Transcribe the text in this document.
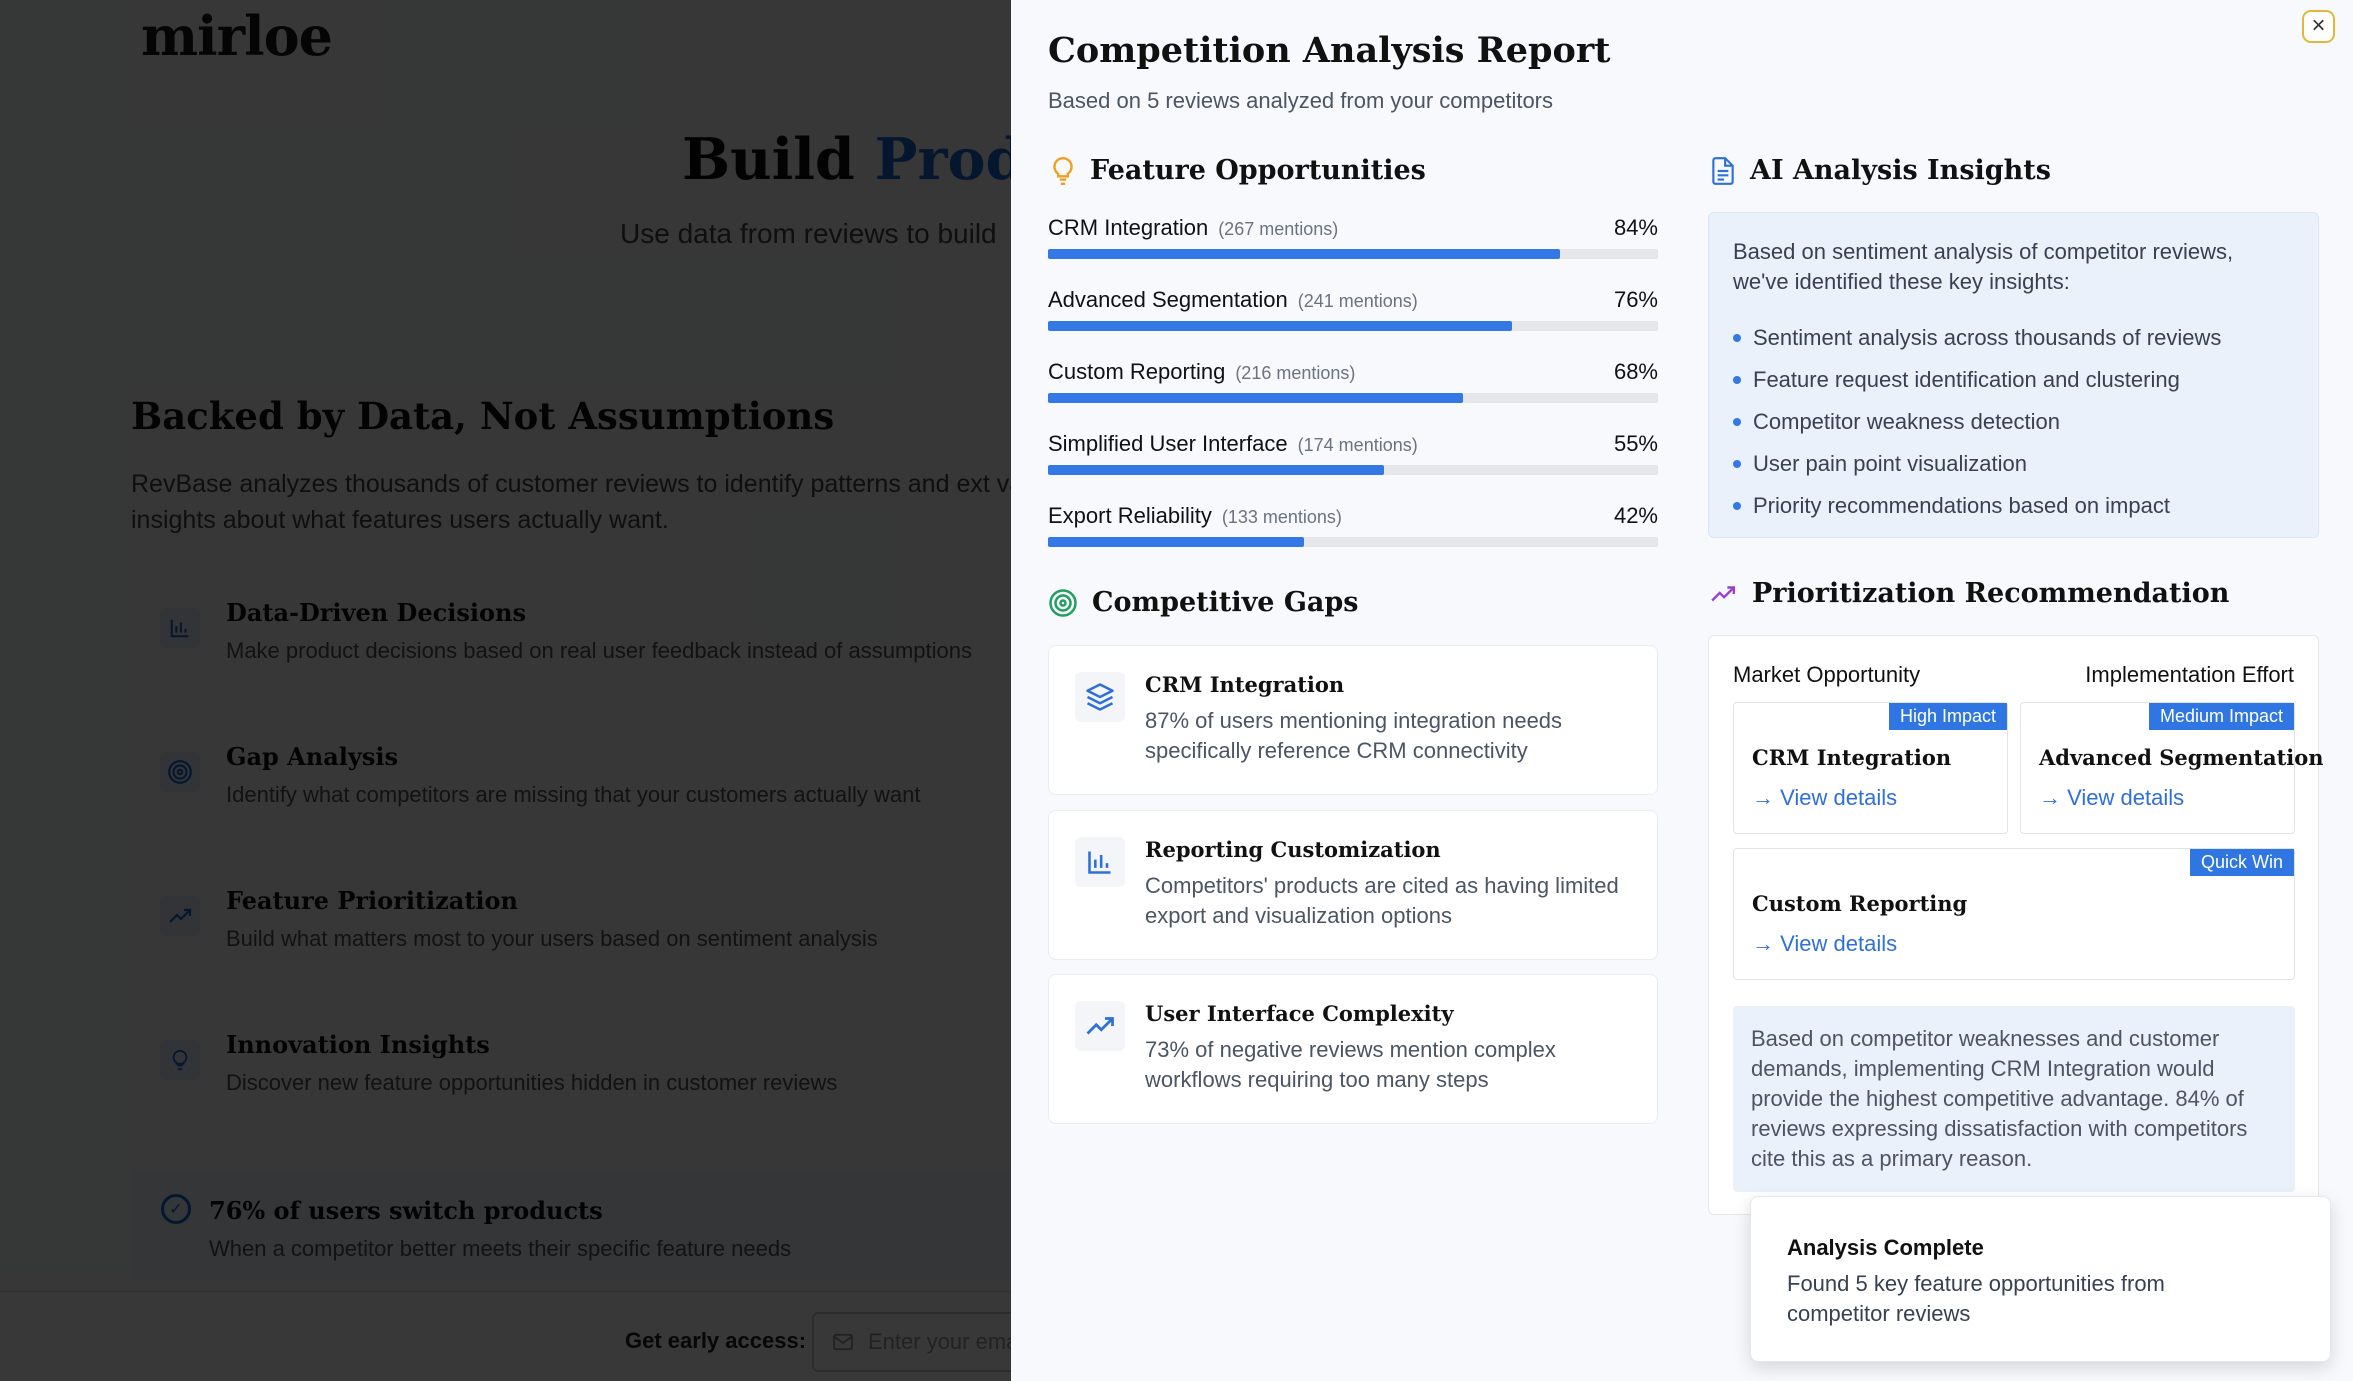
×
Competition Analysis Report
Based on 5 reviews analyzed from your competitors
Feature Opportunities
CRM Integration (267 mentions)	84%
Advanced Segmentation (241 mentions)	76%
Custom Reporting (216 mentions)	68%
Simplified User Interface (174 mentions)	55%
Export Reliability (133 mentions)	42%
Competitive Gaps
CRM Integration
87% of users mentioning integration needs specifically reference CRM connectivity
Reporting Customization
Competitors' products are cited as having limited export and visualization options
User Interface Complexity
73% of negative reviews mention complex workflows requiring too many steps
AI Analysis Insights
Based on sentiment analysis of competitor reviews, we've identified these key insights:
Sentiment analysis across thousands of reviews
Feature request identification and clustering
Competitor weakness detection
User pain point visualization
Priority recommendations based on impact
Prioritization Recommendation
Market Opportunity	Implementation Effort
High Impact
CRM Integration
→ View details
Medium Impact
Advanced Segmentation
→ View details
Quick Win
Custom Reporting
→ View details
Based on competitor weaknesses and customer demands, implementing CRM Integration would provide the highest competitive advantage. 84% of reviews expressing dissatisfaction with competitors cite this as a primary reason.
Analysis Complete
Found 5 key feature opportunities from competitor reviews
